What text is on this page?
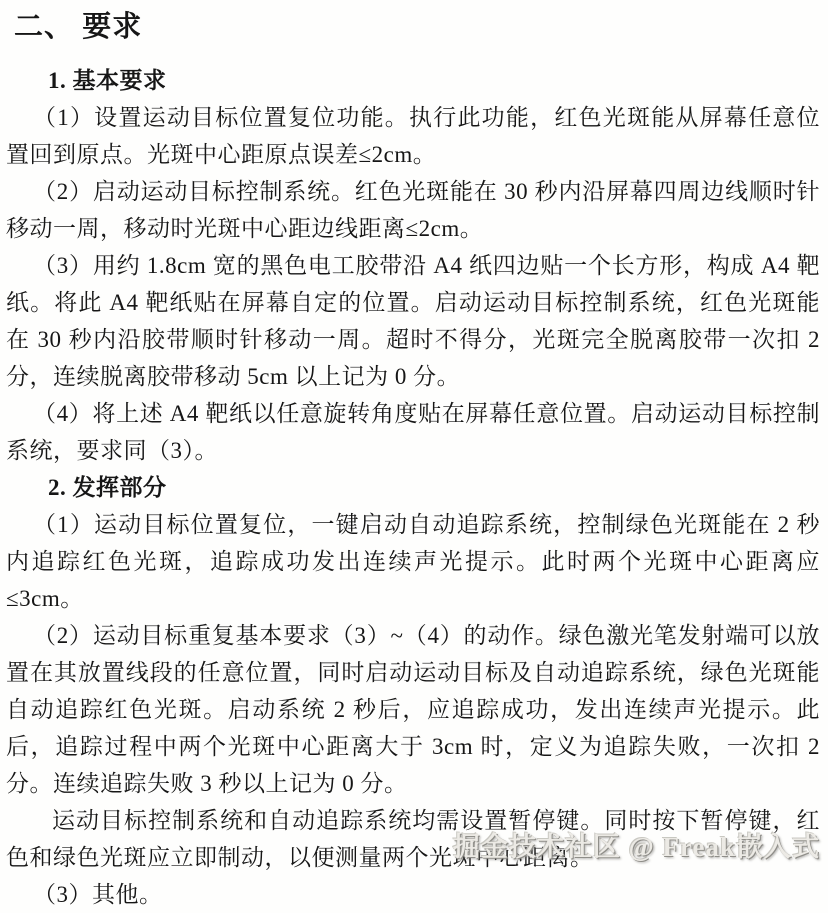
二、 要求
1. 基本要求

（1）设置运动目标位置复位功能。执行此功能，红色光斑能从屏幕任意位置回到原点。光斑中心距原点误差≤2cm。

（2）启动运动目标控制系统。红色光斑能在 30 秒内沿屏幕四周边线顺时针移动一周，移动时光斑中心距边线距离≤2cm。

（3）用约 1.8cm 宽的黑色电工胶带沿 A4 纸四边贴一个长方形，构成 A4 靶纸。将此 A4 靶纸贴在屏幕自定的位置。启动运动目标控制系统，红色光斑能在 30 秒内沿胶带顺时针移动一周。超时不得分，光斑完全脱离胶带一次扣 2 分，连续脱离胶带移动 5cm 以上记为 0 分。

（4）将上述 A4 靶纸以任意旋转角度贴在屏幕任意位置。启动运动目标控制系统，要求同（3）。

2. 发挥部分

（1）运动目标位置复位，一键启动自动追踪系统，控制绿色光斑能在 2 秒内追踪红色光斑，追踪成功发出连续声光提示。此时两个光斑中心距离应≤3cm。

（2）运动目标重复基本要求（3）~（4）的动作。绿色激光笔发射端可以放置在其放置线段的任意位置，同时启动运动目标及自动追踪系统，绿色光斑能自动追踪红色光斑。启动系统 2 秒后，应追踪成功，发出连续声光提示。此后，追踪过程中两个光斑中心距离大于 3cm 时，定义为追踪失败，一次扣 2 分。连续追踪失败 3 秒以上记为 0 分。

运动目标控制系统和自动追踪系统均需设置暂停键。同时按下暂停键，红色和绿色光斑应立即制动，以便测量两个光斑中心距离。

（3）其他。

掘金技术社区 @ Freak嵌入式
